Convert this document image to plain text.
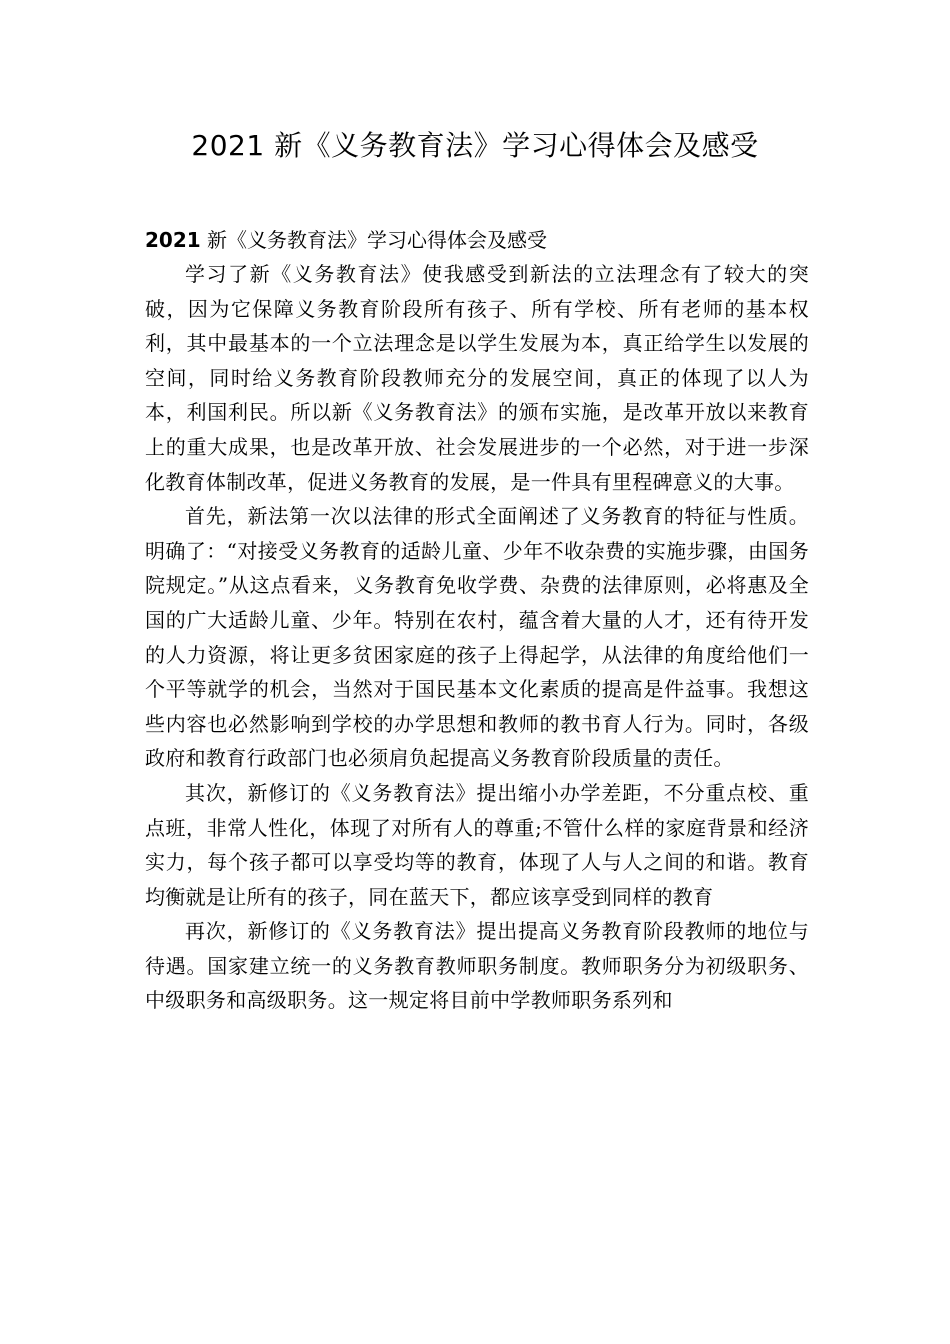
2021 新《义务教育法》学习心得体会及感受

2021 新《义务教育法》学习心得体会及感受

学习了新《义务教育法》使我感受到新法的立法理念有了较大的突破，因为它保障义务教育阶段所有孩子、所有学校、所有老师的基本权利，其中最基本的一个立法理念是以学生发展为本，真正给学生以发展的空间，同时给义务教育阶段教师充分的发展空间，真正的体现了以人为本，利国利民。所以新《义务教育法》的颁布实施，是改革开放以来教育上的重大成果，也是改革开放、社会发展进步的一个必然，对于进一步深化教育体制改革，促进义务教育的发展，是一件具有里程碑意义的大事。

首先，新法第一次以法律的形式全面阐述了义务教育的特征与性质。明确了：“对接受义务教育的适龄儿童、少年不收杂费的实施步骤，由国务院规定。”从这点看来，义务教育免收学费、杂费的法律原则，必将惠及全国的广大适龄儿童、少年。特别在农村，蕴含着大量的人才，还有待开发的人力资源，将让更多贫困家庭的孩子上得起学，从法律的角度给他们一个平等就学的机会，当然对于国民基本文化素质的提高是件益事。我想这些内容也必然影响到学校的办学思想和教师的教书育人行为。同时，各级政府和教育行政部门也必须肩负起提高义务教育阶段质量的责任。

其次，新修订的《义务教育法》提出缩小办学差距，不分重点校、重点班，非常人性化，体现了对所有人的尊重;不管什么样的家庭背景和经济实力，每个孩子都可以享受均等的教育，体现了人与人之间的和谐。教育均衡就是让所有的孩子，同在蓝天下，都应该享受到同样的教育

再次，新修订的《义务教育法》提出提高义务教育阶段教师的地位与待遇。国家建立统一的义务教育教师职务制度。教师职务分为初级职务、中级职务和高级职务。这一规定将目前中学教师职务系列和
